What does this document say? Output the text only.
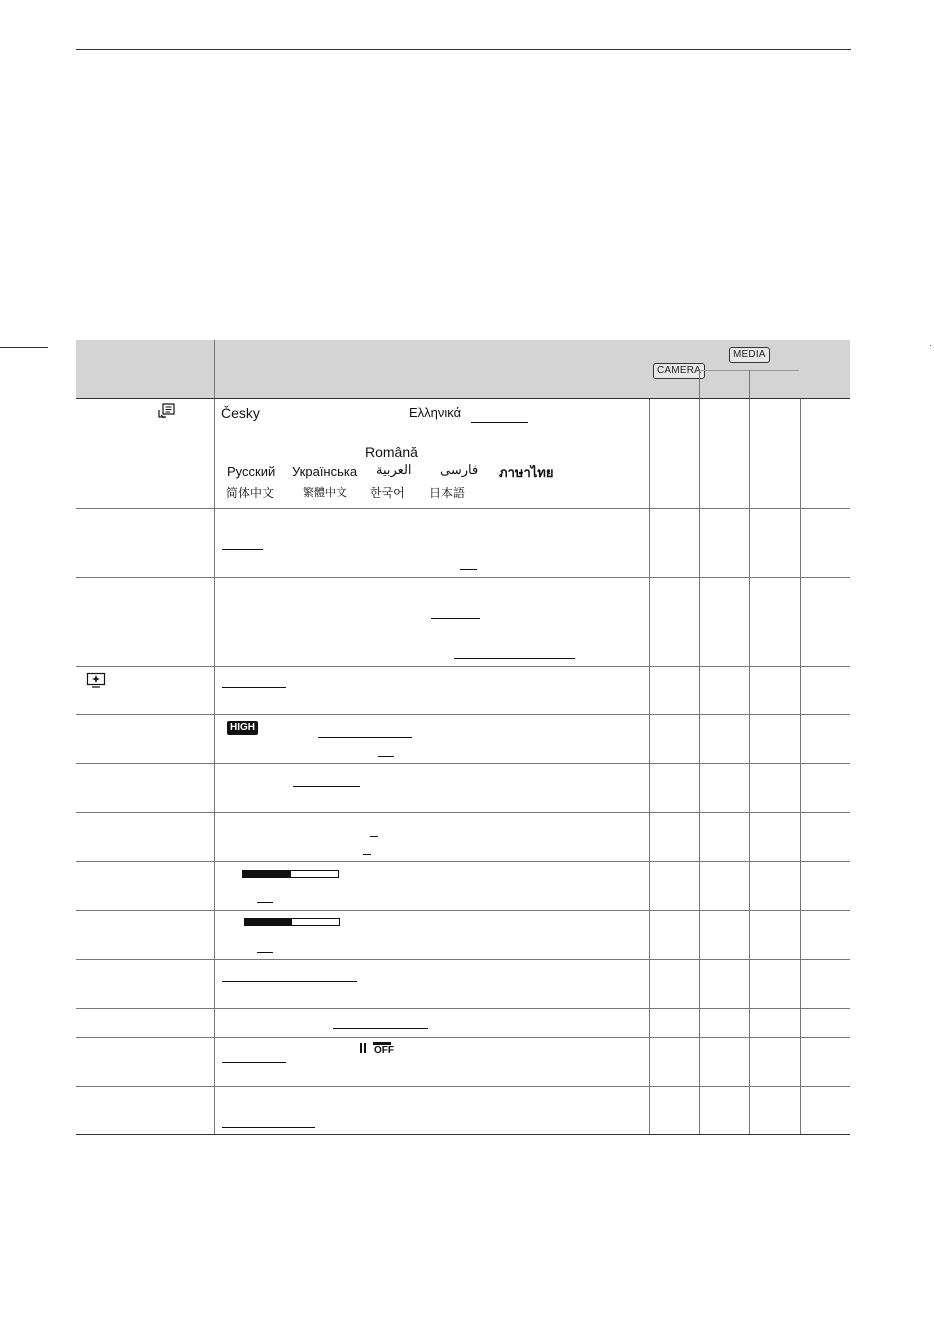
·
CAMERA
MEDIA
Česky	Ελληνικά
Română
Русский Українська العربية فارسی ภาษาไทย
简体中文	繁體中文 한국어 日本語
HIGH
OFF
